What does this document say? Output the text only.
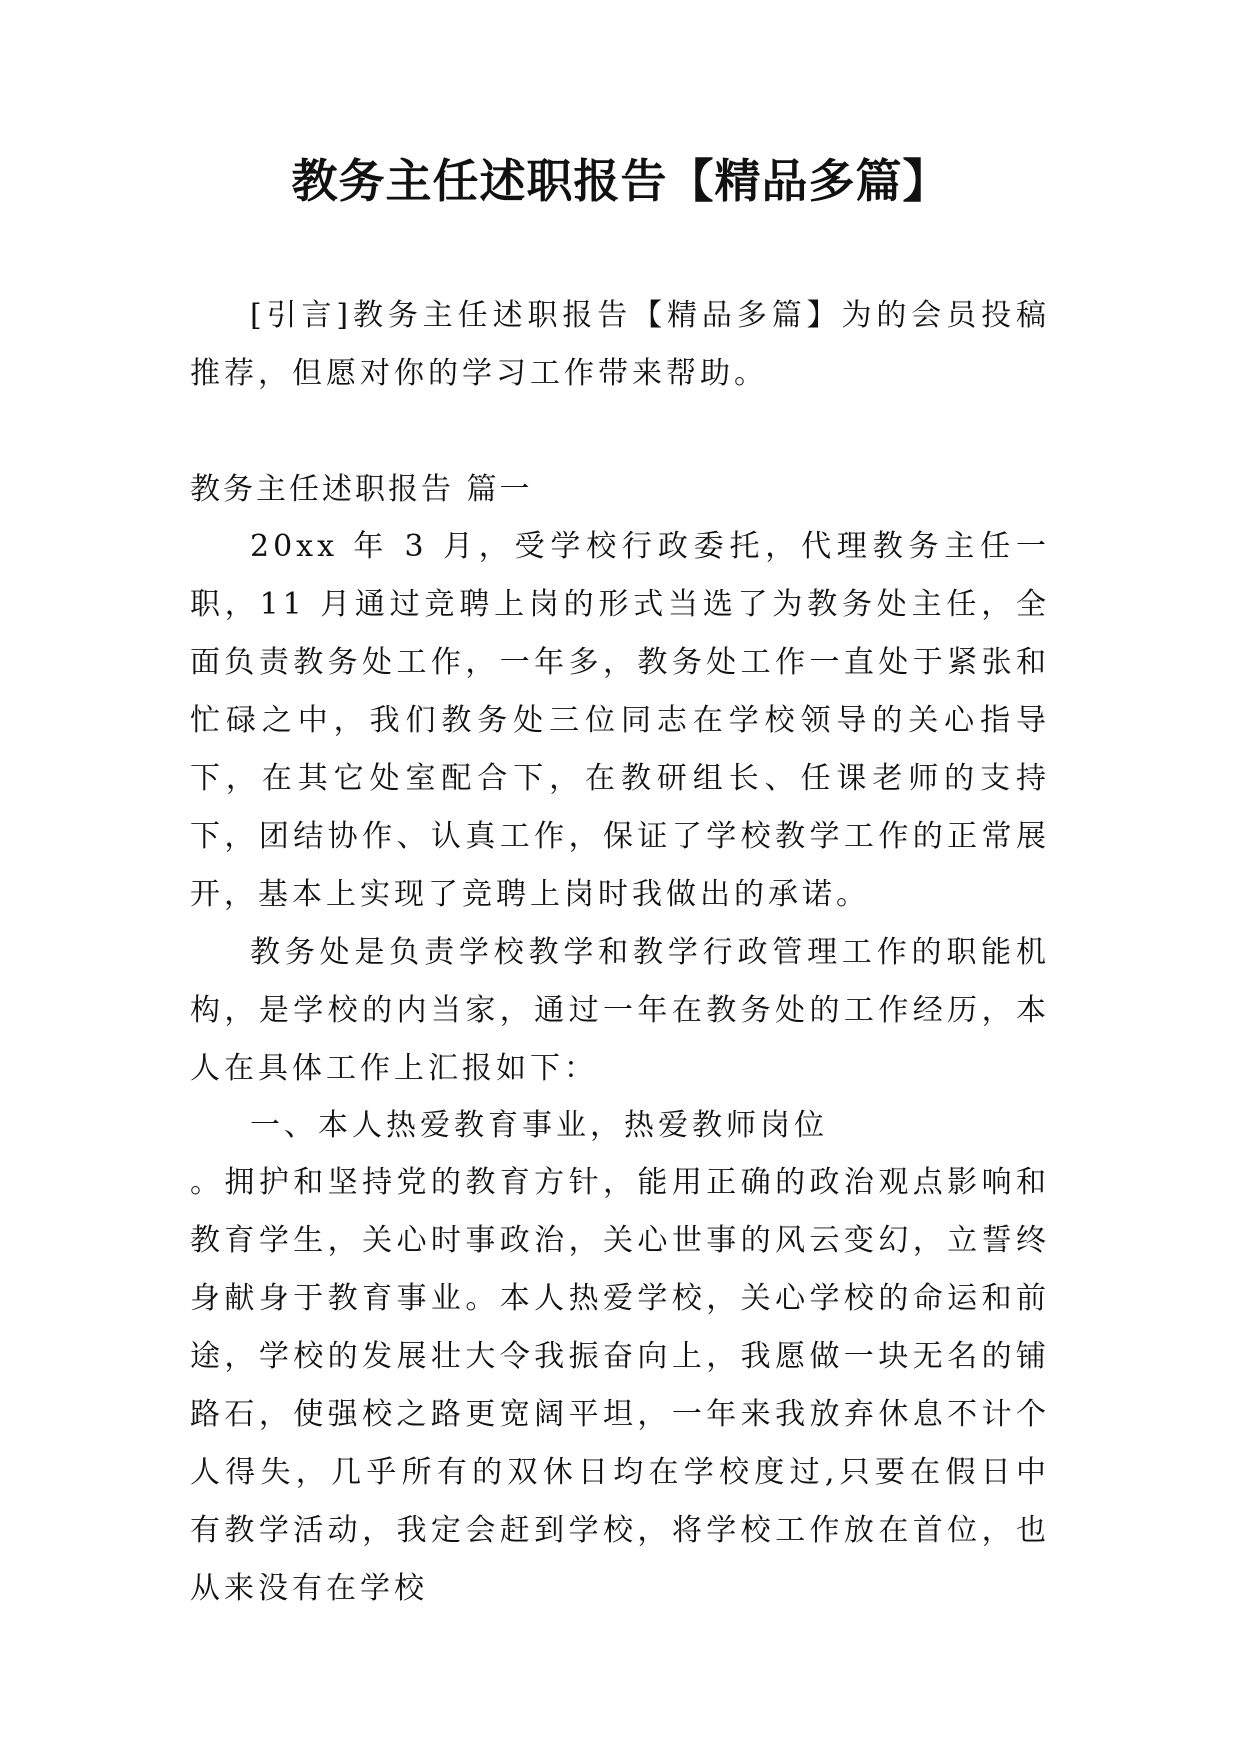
教务主任述职报告【精品多篇】

[引言]教务主任述职报告【精品多篇】为的会员投稿推荐，但愿对你的学习工作带来帮助。

教务主任述职报告 篇一

20xx 年 3 月，受学校行政委托，代理教务主任一职，11 月通过竞聘上岗的形式当选了为教务处主任，全面负责教务处工作，一年多，教务处工作一直处于紧张和忙碌之中，我们教务处三位同志在学校领导的关心指导下，在其它处室配合下，在教研组长、任课老师的支持下，团结协作、认真工作，保证了学校教学工作的正常展开，基本上实现了竞聘上岗时我做出的承诺。

教务处是负责学校教学和教学行政管理工作的职能机构，是学校的内当家，通过一年在教务处的工作经历，本人在具体工作上汇报如下：

一、本人热爱教育事业，热爱教师岗位

。拥护和坚持党的教育方针，能用正确的政治观点影响和教育学生，关心时事政治，关心世事的风云变幻，立誓终身献身于教育事业。本人热爱学校，关心学校的命运和前途，学校的发展壮大令我振奋向上，我愿做一块无名的铺路石，使强校之路更宽阔平坦，一年来我放弃休息不计个人得失，几乎所有的双休日均在学校度过,只要在假日中有教学活动，我定会赶到学校，将学校工作放在首位，也从来没有在学校
